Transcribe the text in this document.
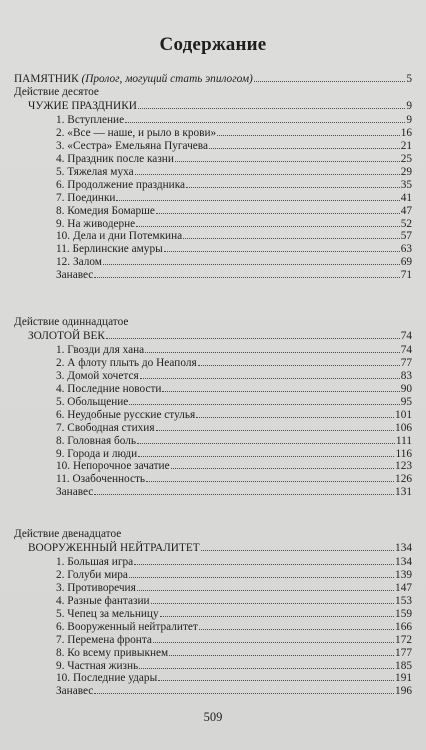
Содержание
ПАМЯТНИК (Пролог, могущий стать эпилогом)	5
Действие десятое
ЧУЖИЕ ПРАЗДНИКИ	9
1. Вступление	9
2. «Все — наше, и рыло в крови»	16
3. «Сестра» Емельяна Пугачева	21
4. Праздник после казни	25
5. Тяжелая муха	29
6. Продолжение праздника	35
7. Поединки	41
8. Комедия Бомарше	47
9. На живодерне	52
10. Дела и дни Потемкина	57
11. Берлинские амуры	63
12. Залом	69
Занавес	71
Действие одиннадцатое
ЗОЛОТОЙ ВЕК	74
1. Гвозди для хана	74
2. А флоту плыть до Неаполя	77
3. Домой хочется	83
4. Последние новости	90
5. Обольщение	95
6. Неудобные русские стулья	101
7. Свободная стихия	106
8. Головная боль	111
9. Города и люди	116
10. Непорочное зачатие	123
11. Озабоченность	126
Занавес	131
Действие двенадцатое
ВООРУЖЕННЫЙ НЕЙТРАЛИТЕТ	134
1. Большая игра	134
2. Голуби мира	139
3. Противоречия	147
4. Разные фантазии	153
5. Чепец за мельницу	159
6. Вооруженный нейтралитет	166
7. Перемена фронта	172
8. Ко всему привыкнем	177
9. Частная жизнь	185
10. Последние удары	191
Занавес	196
509
